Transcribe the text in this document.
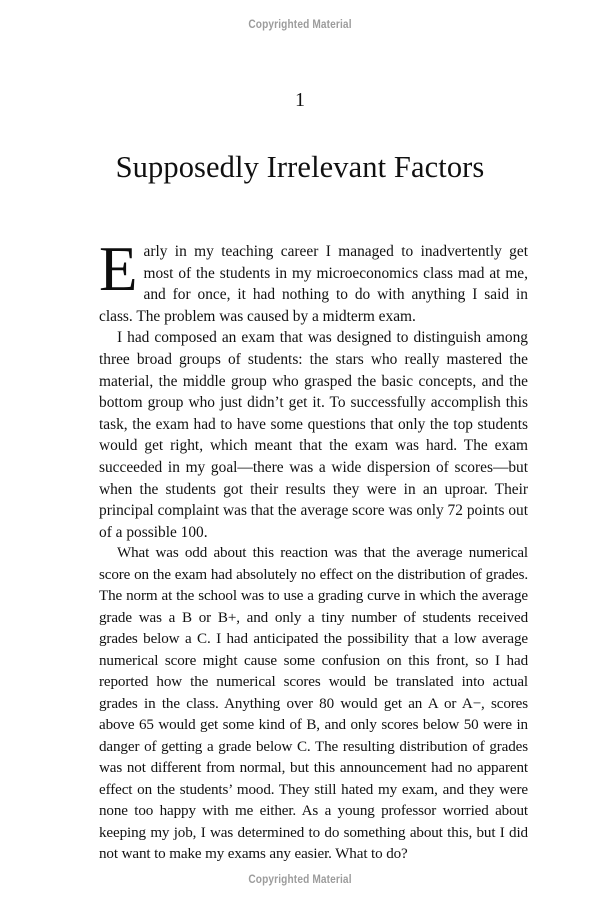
Copyrighted Material
1
Supposedly Irrelevant Factors

Early in my teaching career I managed to inadvertently get most of the students in my microeconomics class mad at me, and for once, it had nothing to do with anything I said in class. The problem was caused by a midterm exam.

I had composed an exam that was designed to distinguish among three broad groups of students: the stars who really mastered the material, the middle group who grasped the basic concepts, and the bottom group who just didn’t get it. To successfully accomplish this task, the exam had to have some questions that only the top students would get right, which meant that the exam was hard. The exam succeeded in my goal—there was a wide dispersion of scores—but when the students got their results they were in an uproar. Their principal complaint was that the average score was only 72 points out of a possible 100.

What was odd about this reaction was that the average numerical score on the exam had absolutely no effect on the distribution of grades. The norm at the school was to use a grading curve in which the average grade was a B or B+, and only a tiny number of students received grades below a C. I had anticipated the possibility that a low average numerical score might cause some confusion on this front, so I had reported how the numerical scores would be translated into actual grades in the class. Anything over 80 would get an A or A−, scores above 65 would get some kind of B, and only scores below 50 were in danger of getting a grade below C. The resulting distribution of grades was not different from normal, but this announcement had no apparent effect on the students’ mood. They still hated my exam, and they were none too happy with me either. As a young professor worried about keeping my job, I was determined to do something about this, but I did not want to make my exams any easier. What to do?

Copyrighted Material
